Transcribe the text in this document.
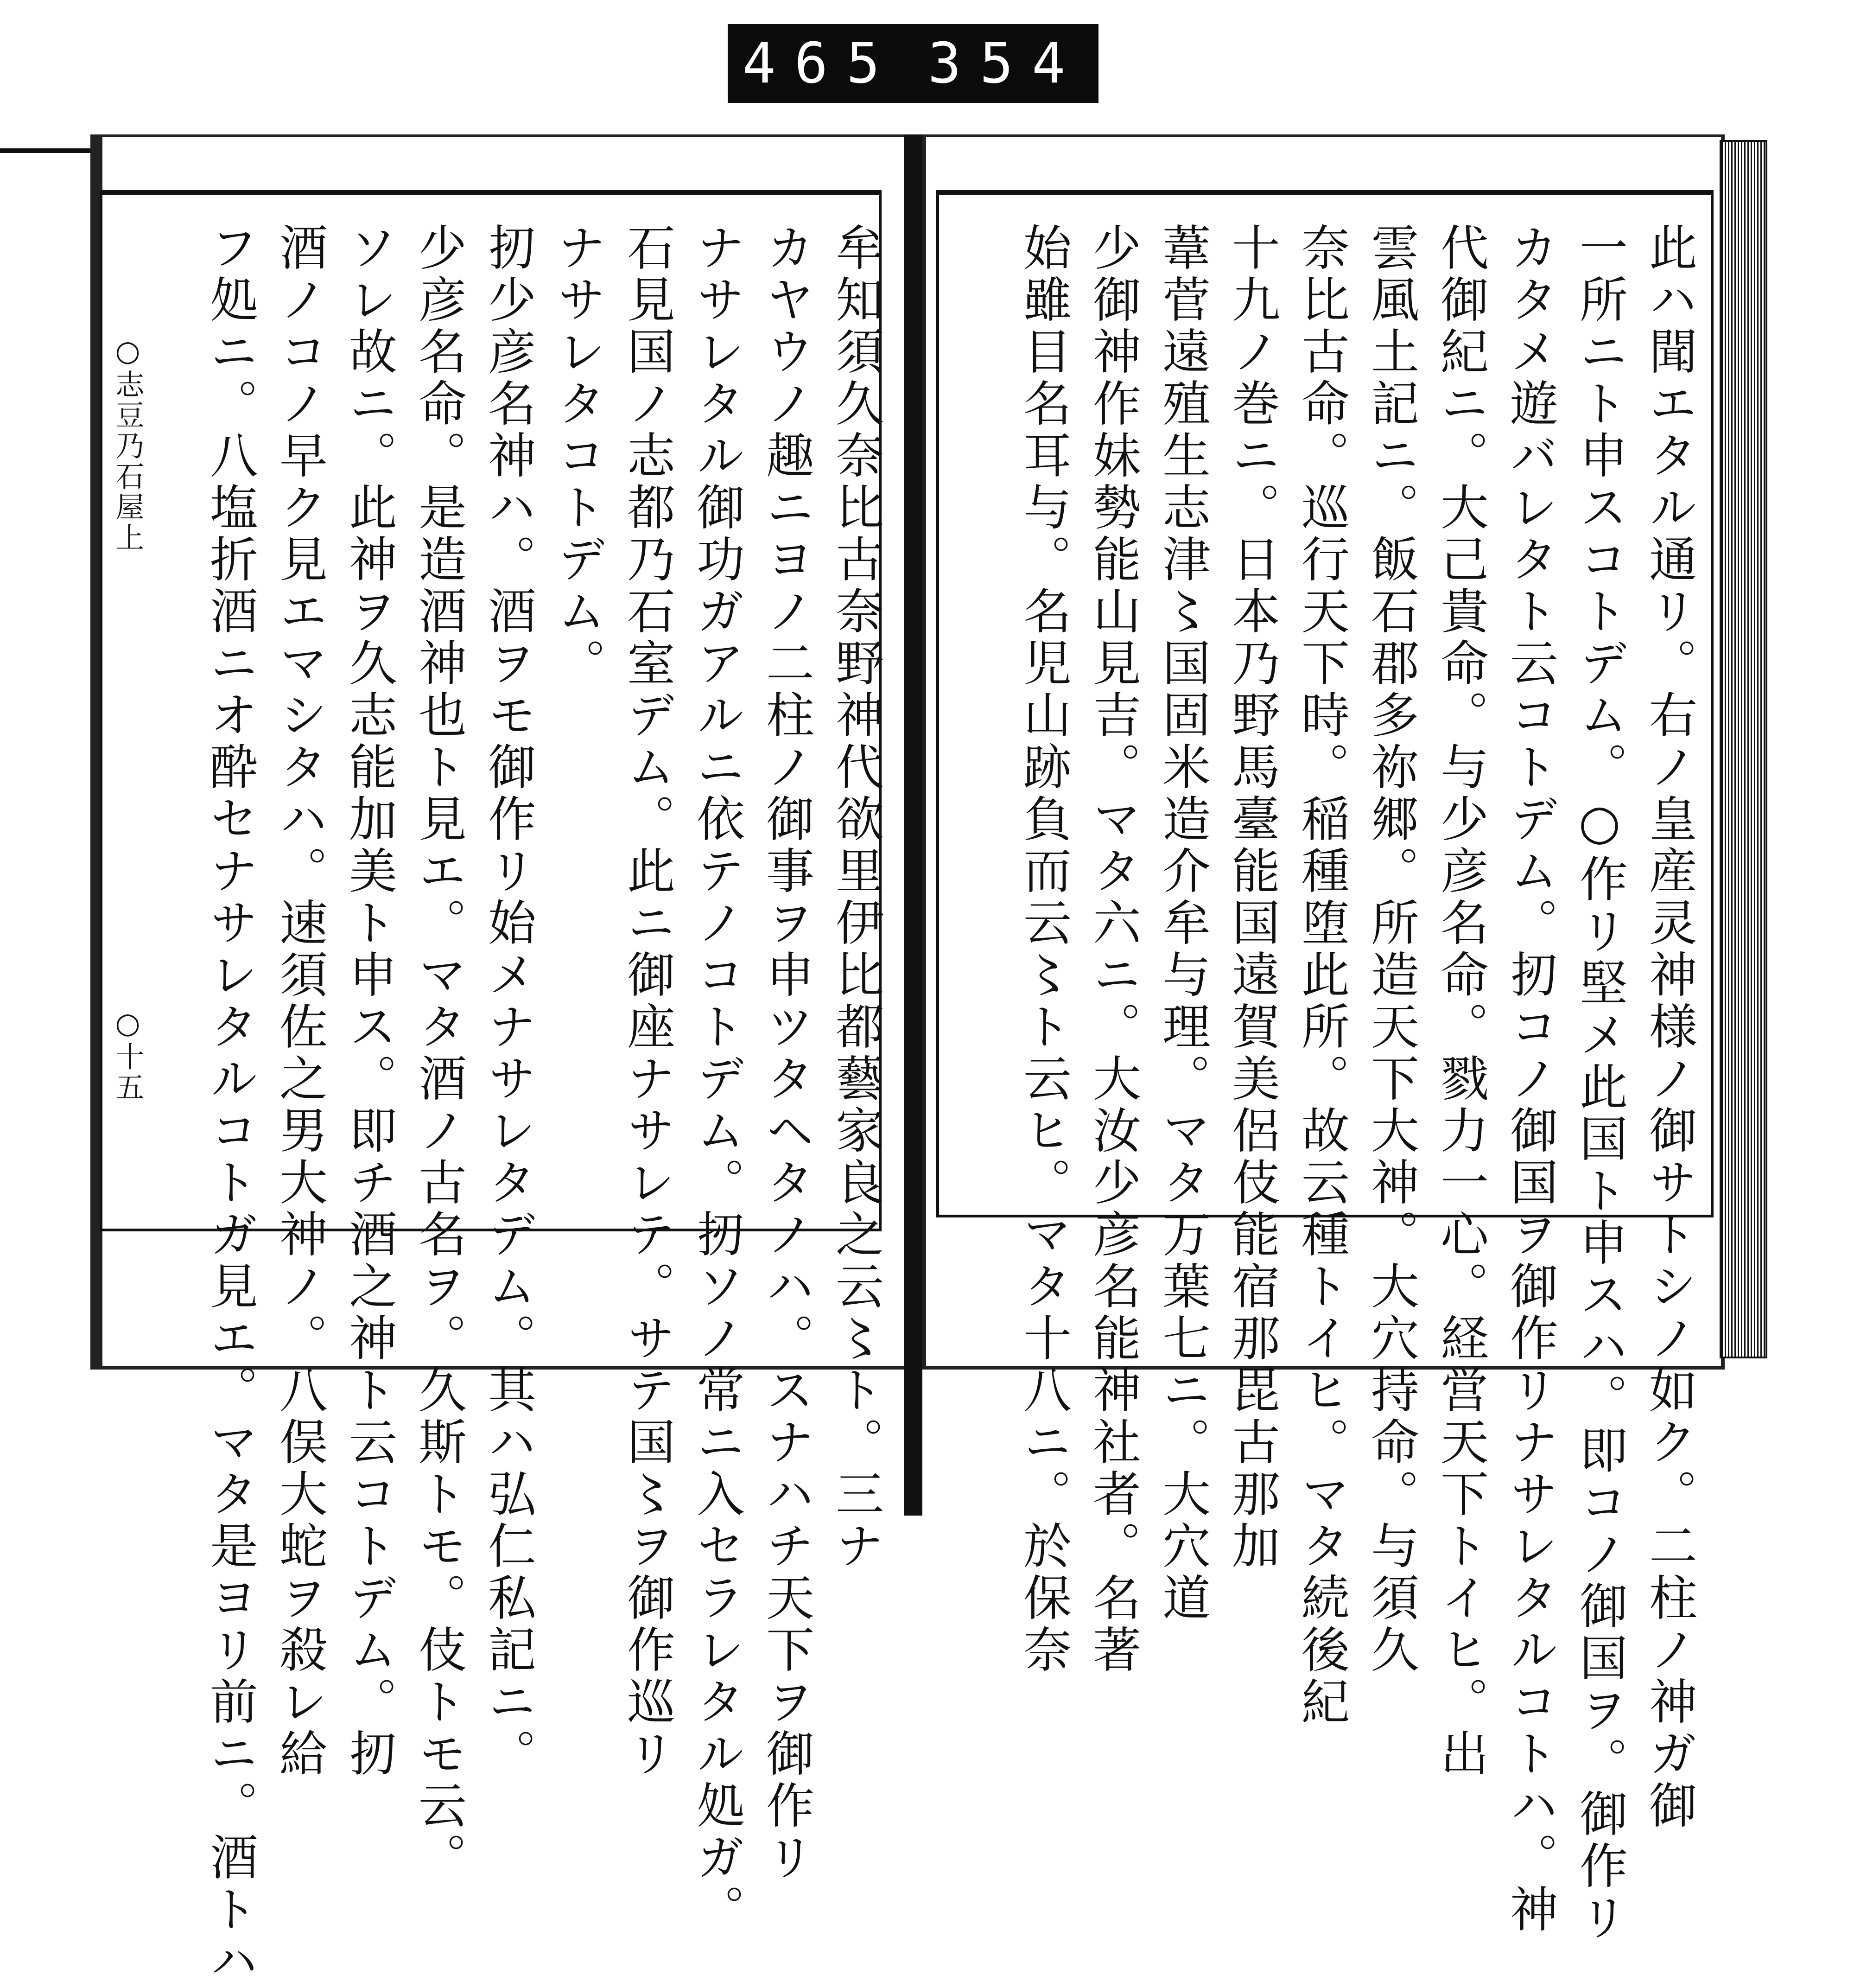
465 354
○志豆乃石屋上
○十五	牟知須久奈比古奈野神代欲里伊比都藝家良之云〻ト。三ナ
カヤウノ趣ニヨノ二柱ノ御事ヲ申ツタヘタノハ。スナハチ天下ヲ御作リ
ナサレタル御功ガアルニ依テノコトデム。扨ソノ常ニ入セラレタル処ガ。
石見国ノ志都乃石室デム。此ニ御座ナサレテ。サテ国〻ヲ御作巡リ
ナサレタコトデム。
扨少彦名神ハ。酒ヲモ御作リ始メナサレタデム。其ハ弘仁私記ニ。
少彦名命。是造酒神也ト見エ。マタ酒ノ古名ヲ。久斯トモ。伎トモ云。
ソレ故ニ。此神ヲ久志能加美ト申ス。即チ酒之神ト云コトデム。扨
酒ノコノ早ク見エマシタハ。速須佐之男大神ノ。八俣大蛇ヲ殺レ給
フ処ニ。八塩折酒ニオ酔セナサレタルコトガ見エ。マタ是ヨリ前ニ。酒トハ	此ハ聞エタル通リ。右ノ皇産灵神様ノ御サトシノ如ク。二柱ノ神ガ御
一所ニト申スコトデム。○作リ堅メ此国ト申スハ。即コノ御国ヲ。御作リ
カタメ遊バレタト云コトデム。扨コノ御国ヲ御作リナサレタルコトハ。神
代御紀ニ。大己貴命。与少彦名命。戮力一心。経営天下トイヒ。出
雲風土記ニ。飯石郡多祢郷。所造天下大神。大穴持命。与須久
奈比古命。巡行天下時。稲種堕此所。故云種トイヒ。マタ続後紀
十九ノ巻ニ。日本乃野馬臺能国遠賀美侶伎能宿那毘古那加
葦菅遠殖生志津〻国固米造介牟与理。マタ万葉七ニ。大穴道
少御神作妹勢能山見吉。マタ六ニ。大汝少彦名能神社者。名著
始雖目名耳与。名児山跡負而云〻ト云ヒ。マタ十八ニ。於保奈
